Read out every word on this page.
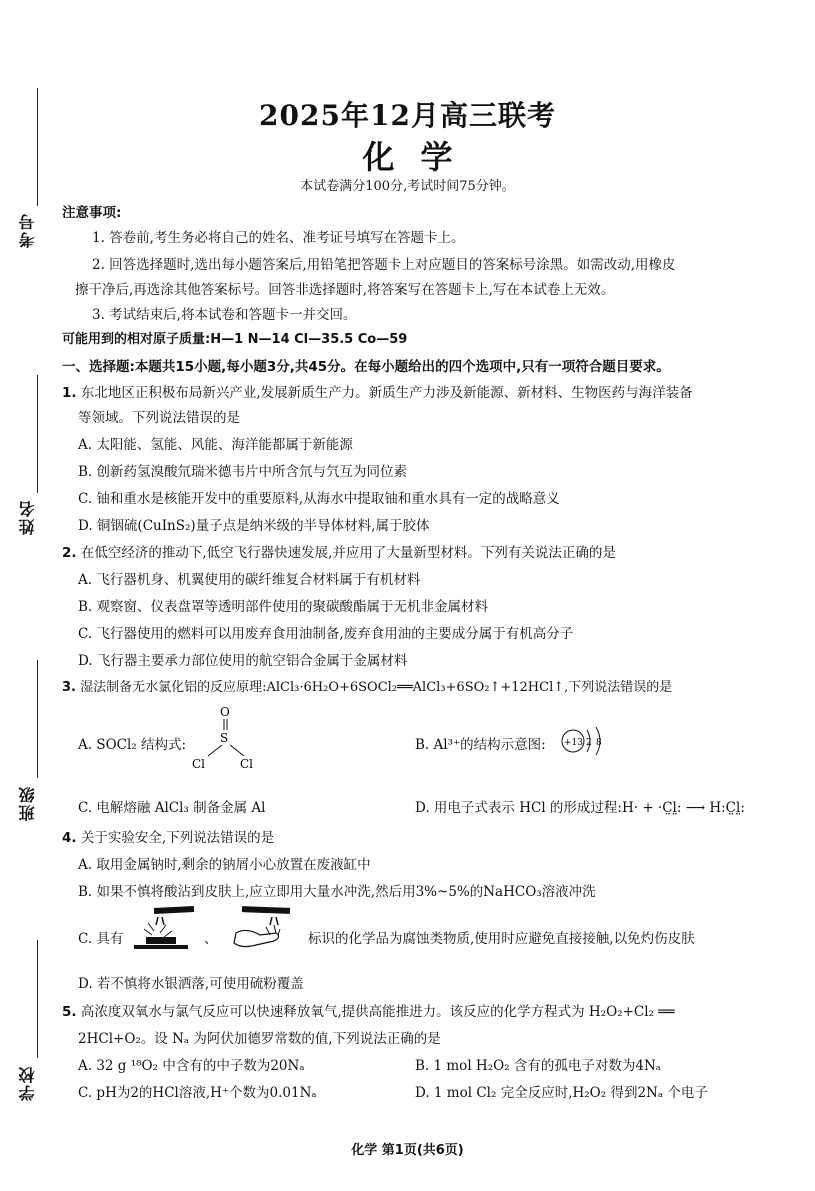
考号
姓名
班级
学校
2025年12月高三联考
化学
本试卷满分100分,考试时间75分钟。
注意事项:
1. 答卷前,考生务必将自己的姓名、准考证号填写在答题卡上。
2. 回答选择题时,选出每小题答案后,用铅笔把答题卡上对应题目的答案标号涂黑。如需改动,用橡皮
擦干净后,再选涂其他答案标号。回答非选择题时,将答案写在答题卡上,写在本试卷上无效。
3. 考试结束后,将本试卷和答题卡一并交回。
可能用到的相对原子质量:H—1 N—14 Cl—35.5 Co—59
一、选择题:本题共15小题,每小题3分,共45分。在每小题给出的四个选项中,只有一项符合题目要求。
1. 东北地区正积极布局新兴产业,发展新质生产力。新质生产力涉及新能源、新材料、生物医药与海洋装备
等领域。下列说法错误的是
A. 太阳能、氢能、风能、海洋能都属于新能源
B. 创新药氢溴酸氘瑞米德韦片中所含氘与氕互为同位素
C. 铀和重水是核能开发中的重要原料,从海水中提取铀和重水具有一定的战略意义
D. 铜铟硫(CuInS₂)量子点是纳米级的半导体材料,属于胶体
2. 在低空经济的推动下,低空飞行器快速发展,并应用了大量新型材料。下列有关说法正确的是
A. 飞行器机身、机翼使用的碳纤维复合材料属于有机材料
B. 观察窗、仪表盘罩等透明部件使用的聚碳酸酯属于无机非金属材料
C. 飞行器使用的燃料可以用废弃食用油制备,废弃食用油的主要成分属于有机高分子
D. 飞行器主要承力部位使用的航空铝合金属于金属材料
3. 湿法制备无水氯化铝的反应原理:AlCl₃·6H₂O+6SOCl₂══AlCl₃+6SO₂↑+12HCl↑,下列说法错误的是
A. SOCl₂ 结构式:
O
S
Cl	Cl
B. Al³⁺的结构示意图: +13 2 8
C. 电解熔融 AlCl₃ 制备金属 Al	D. 用电子式表示 HCl 的形成过程:H· + ·C̤l̤: ⟶ H:C̤l̤:
4. 关于实验安全,下列说法错误的是
A. 取用金属钠时,剩余的钠屑小心放置在废液缸中
B. 如果不慎将酸沾到皮肤上,应立即用大量水冲洗,然后用3%~5%的NaHCO₃溶液冲洗
C. 具有	、	标识的化学品为腐蚀类物质,使用时应避免直接接触,以免灼伤皮肤
D. 若不慎将水银洒落,可使用硫粉覆盖
5. 高浓度双氧水与氯气反应可以快速释放氧气,提供高能推进力。该反应的化学方程式为 H₂O₂+Cl₂ ══
2HCl+O₂。设 Nₐ 为阿伏加德罗常数的值,下列说法正确的是
A. 32 g ¹⁸O₂ 中含有的中子数为20Nₐ	B. 1 mol H₂O₂ 含有的孤电子对数为4Nₐ
C. pH为2的HCl溶液,H⁺个数为0.01Nₐ	D. 1 mol Cl₂ 完全反应时,H₂O₂ 得到2Nₐ 个电子
化学 第1页(共6页)
